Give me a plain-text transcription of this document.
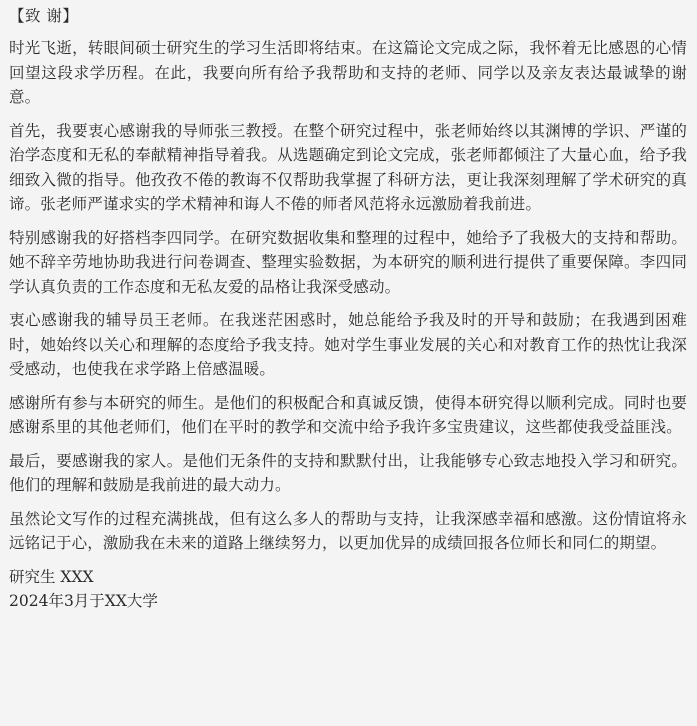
【致 谢】

时光飞逝，转眼间硕士研究生的学习生活即将结束。在这篇论文完成之际，我怀着无比感恩的心情回望这段求学历程。在此，我要向所有给予我帮助和支持的老师、同学以及亲友表达最诚挚的谢意。

首先，我要衷心感谢我的导师张三教授。在整个研究过程中，张老师始终以其渊博的学识、严谨的治学态度和无私的奉献精神指导着我。从选题确定到论文完成，张老师都倾注了大量心血，给予我细致入微的指导。他孜孜不倦的教诲不仅帮助我掌握了科研方法，更让我深刻理解了学术研究的真谛。张老师严谨求实的学术精神和诲人不倦的师者风范将永远激励着我前进。

特别感谢我的好搭档李四同学。在研究数据收集和整理的过程中，她给予了我极大的支持和帮助。她不辞辛劳地协助我进行问卷调查、整理实验数据，为本研究的顺利进行提供了重要保障。李四同学认真负责的工作态度和无私友爱的品格让我深受感动。

衷心感谢我的辅导员王老师。在我迷茫困惑时，她总能给予我及时的开导和鼓励；在我遇到困难时，她始终以关心和理解的态度给予我支持。她对学生事业发展的关心和对教育工作的热忱让我深受感动，也使我在求学路上倍感温暖。

感谢所有参与本研究的师生。是他们的积极配合和真诚反馈，使得本研究得以顺利完成。同时也要感谢系里的其他老师们，他们在平时的教学和交流中给予我许多宝贵建议，这些都使我受益匪浅。

最后，要感谢我的家人。是他们无条件的支持和默默付出，让我能够专心致志地投入学习和研究。他们的理解和鼓励是我前进的最大动力。

虽然论文写作的过程充满挑战，但有这么多人的帮助与支持，让我深感幸福和感激。这份情谊将永远铭记于心，激励我在未来的道路上继续努力，以更加优异的成绩回报各位师长和同仁的期望。

研究生 XXX

2024年3月于XX大学
